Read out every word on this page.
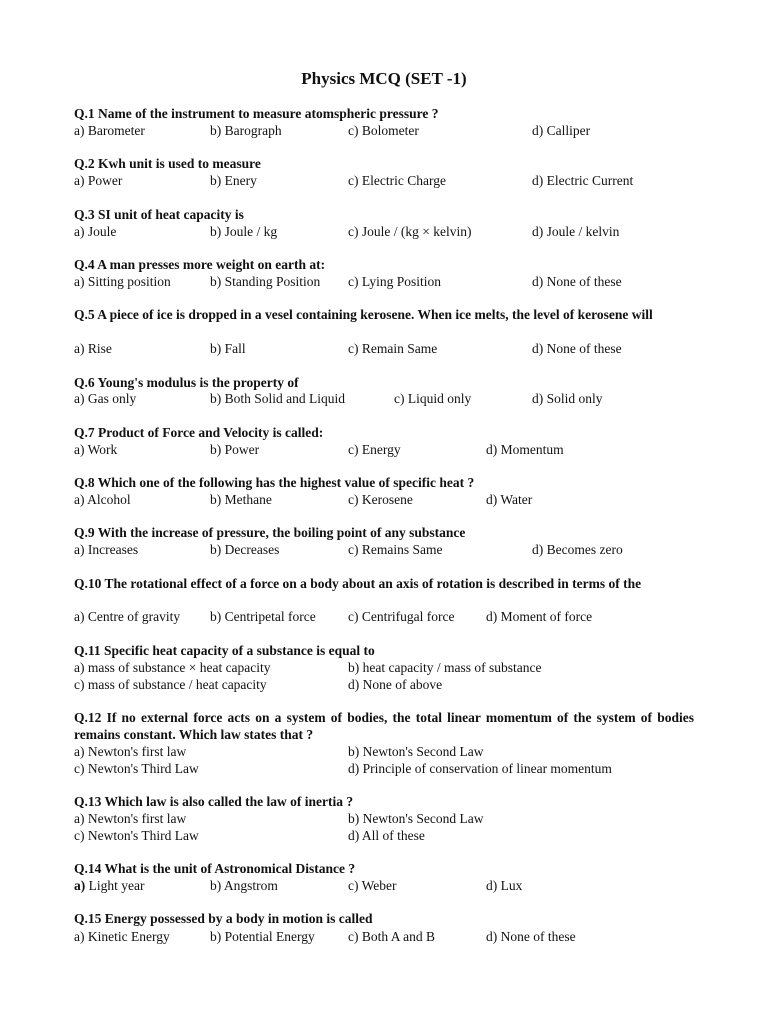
Physics MCQ (SET -1)
Q.1 Name of the instrument to measure atomspheric pressure ?
a) Barometer	b) Barograph	c) Bolometer	d) Calliper
Q.2 Kwh unit is used to measure
a) Power	b) Enery	c) Electric Charge	d) Electric Current
Q.3 SI unit of heat capacity is
a) Joule	b) Joule / kg	c) Joule / (kg × kelvin)	d) Joule / kelvin
Q.4 A man presses more weight on earth at:
a) Sitting position	b) Standing Position c) Lying Position	d) None of these
Q.5 A piece of ice is dropped in a vesel containing kerosene. When ice melts, the level of kerosene will
a) Rise	b) Fall	c) Remain Same	d) None of these
Q.6 Young's modulus is the property of
a) Gas only	b) Both Solid and Liquid	c) Liquid only	d) Solid only
Q.7 Product of Force and Velocity is called:
a) Work	b) Power	c) Energy	d) Momentum
Q.8 Which one of the following has the highest value of specific heat ?
a) Alcohol	b) Methane	c) Kerosene	d) Water
Q.9 With the increase of pressure, the boiling point of any substance
a) Increases	b) Decreases	c) Remains Same	d) Becomes zero
Q.10 The rotational effect of a force on a body about an axis of rotation is described in terms of the
a) Centre of gravity b) Centripetal force c) Centrifugal force d) Moment of force
Q.11 Specific heat capacity of a substance is equal to
a) mass of substance × heat capacity	b) heat capacity / mass of substance
c) mass of substance / heat capacity	d) None of above
Q.12 If no external force acts on a system of bodies, the total linear momentum of the system of bodies remains constant. Which law states that ?
a) Newton's first law	b) Newton's Second Law
c) Newton's Third Law	d) Principle of conservation of linear momentum
Q.13 Which law is also called the law of inertia ?
a) Newton's first law	b) Newton's Second Law
c) Newton's Third Law	d) All of these
Q.14 What is the unit of Astronomical Distance ?
a) Light year	b) Angstrom	c) Weber	d) Lux
Q.15 Energy possessed by a body in motion is called
a) Kinetic Energy	b) Potential Energy c) Both A and B	d) None of these
